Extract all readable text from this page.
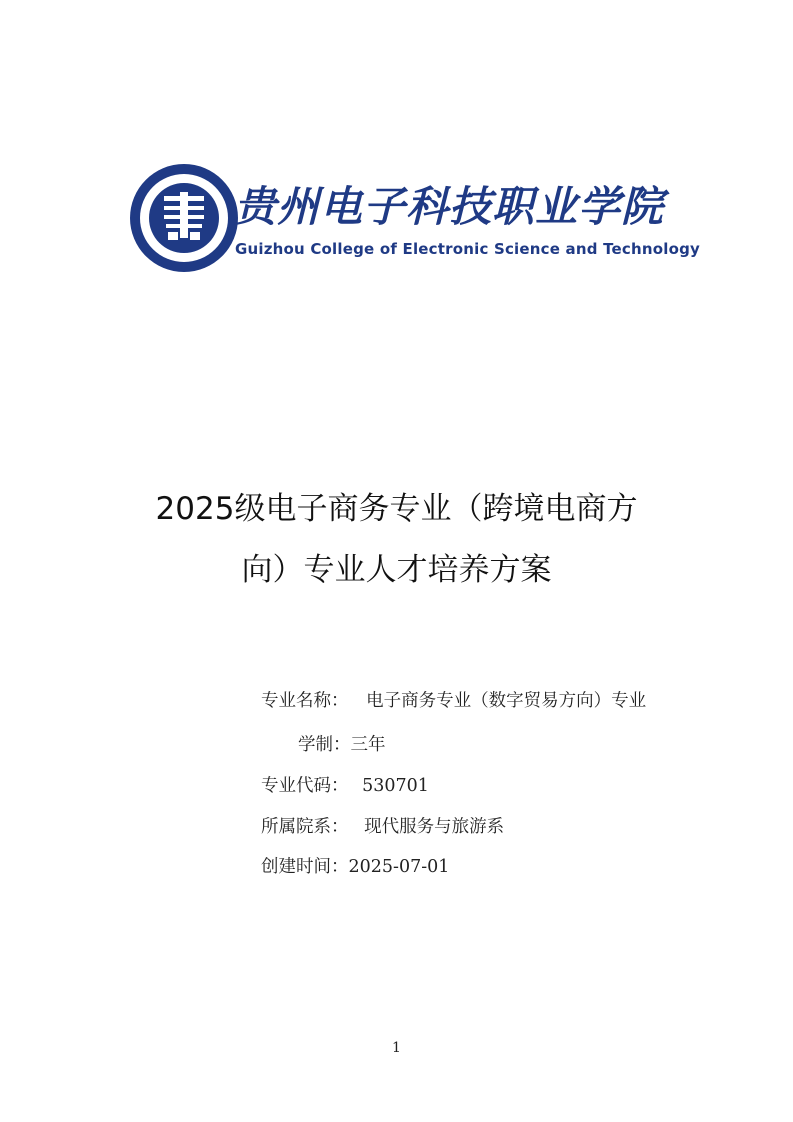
贵州电子科技职业学院
Guizhou College of Electronic Science and Technology
2025级电子商务专业（跨境电商方
向）专业人才培养方案
专业名称： 电子商务专业（数字贸易方向）专业
学制：三年
专业代码： 530701
所属院系： 现代服务与旅游系
创建时间：2025-07-01
1
